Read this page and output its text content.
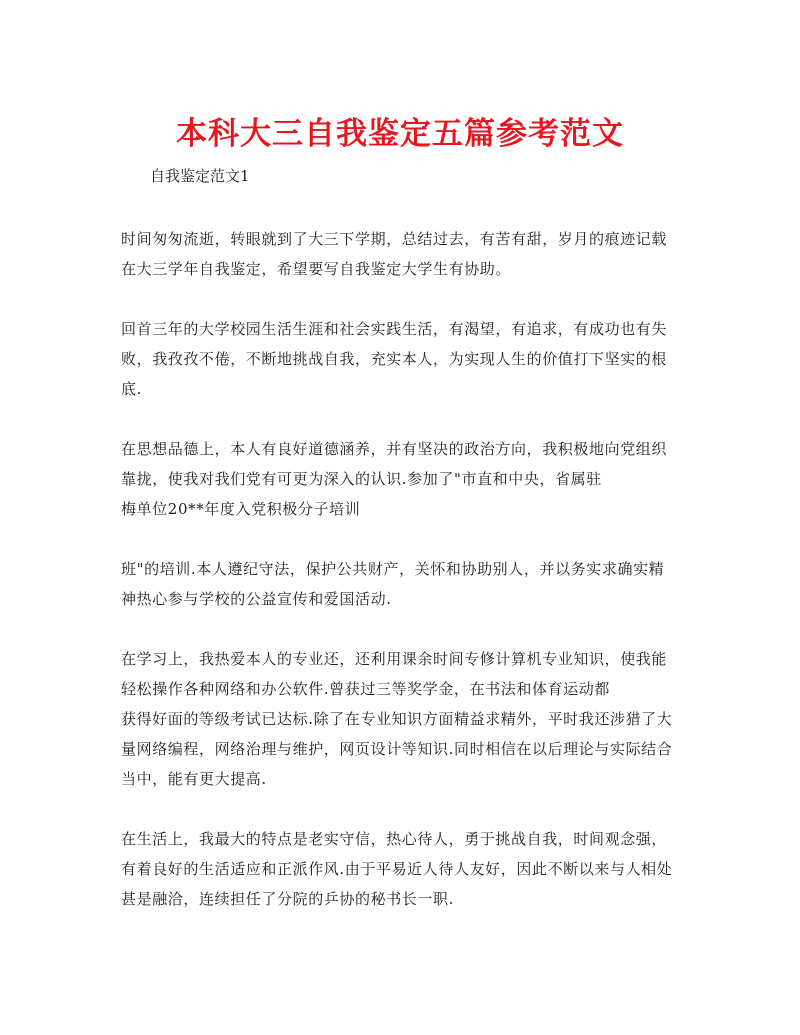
本科大三自我鉴定五篇参考范文
自我鉴定范文1
时间匆匆流逝，转眼就到了大三下学期，总结过去，有苦有甜，岁月的痕迹记载
在大三学年自我鉴定，希望要写自我鉴定大学生有协助。
回首三年的大学校园生活生涯和社会实践生活，有渴望，有追求，有成功也有失
败，我孜孜不倦，不断地挑战自我，充实本人，为实现人生的价值打下坚实的根
底.
在思想品德上，本人有良好道德涵养，并有坚决的政治方向，我积极地向党组织
靠拢，使我对我们党有可更为深入的认识.参加了"市直和中央，省属驻
梅单位20**年度入党积极分子培训
班"的培训.本人遵纪守法，保护公共财产，关怀和协助别人，并以务实求确实精
神热心参与学校的公益宣传和爱国活动.
在学习上，我热爱本人的专业还，还利用课余时间专修计算机专业知识，使我能
轻松操作各种网络和办公软件.曾获过三等奖学金，在书法和体育运动都
获得好面的等级考试已达标.除了在专业知识方面精益求精外，平时我还涉猎了大
量网络编程，网络治理与维护，网页设计等知识.同时相信在以后理论与实际结合
当中，能有更大提高.
在生活上，我最大的特点是老实守信，热心待人，勇于挑战自我，时间观念强，
有着良好的生活适应和正派作风.由于平易近人待人友好，因此不断以来与人相处
甚是融洽，连续担任了分院的乒协的秘书长一职.
